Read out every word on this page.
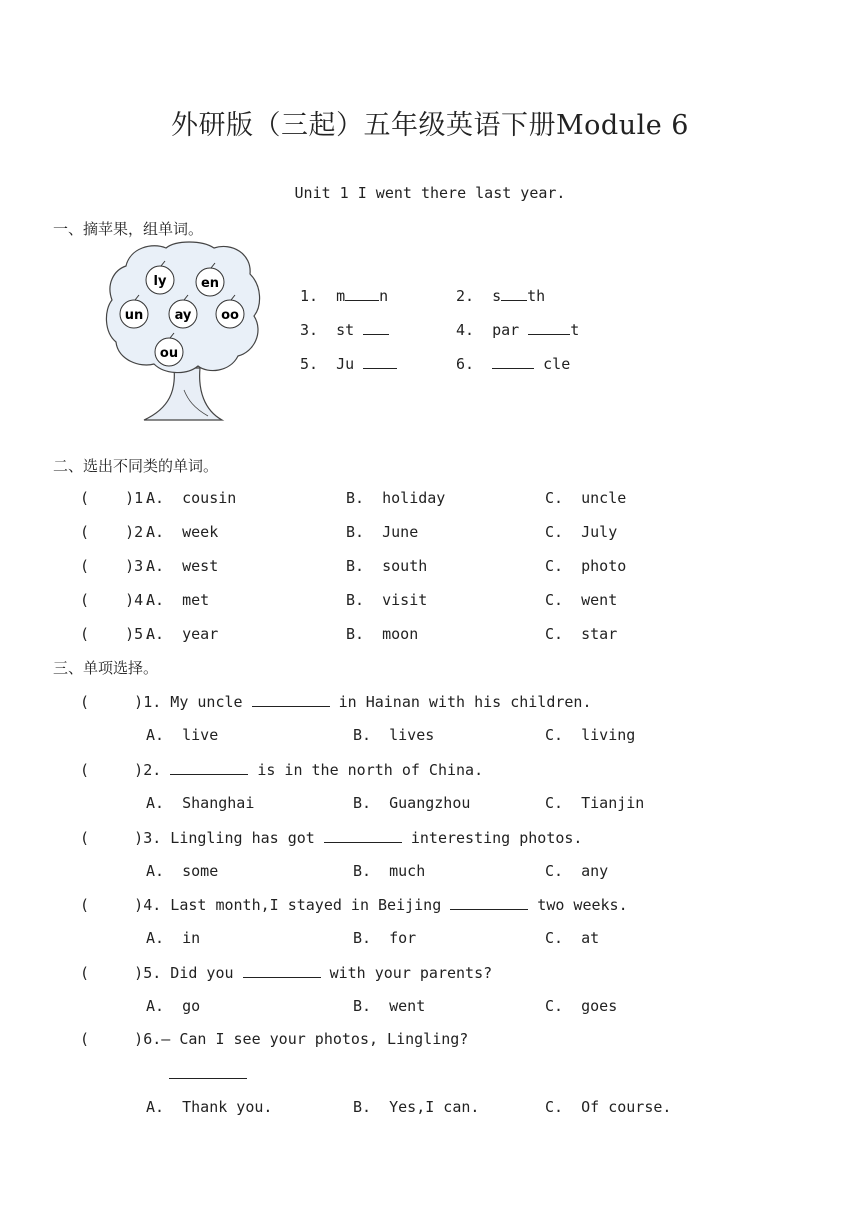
外研版（三起）五年级英语下册Module 6
Unit 1 I went there last year.
一、摘苹果，组单词。
ly	en
un ay oo
ou
1. m n	2. s th
3. st	4. par	t
5. Ju	6.	cle
二、选出不同类的单词。
(    )1.
A.  cousin	B.  holiday	C.  uncle
(    )2.
A.  week	B.  June	C.  July
(    )3.
A.  west	B.  south	C.  photo
(    )4.
A.  met	B.  visit	C.  went
(    )5.
A.  year	B.  moon	C.  star
三、单项选择。
(     )1. My uncle	in Hainan with his children.
A.  live	B.  lives	C.  living
(     )2.	is in the north of China.
A.  Shanghai	B.  Guangzhou	C.  Tianjin
(     )3. Lingling has got	interesting photos.
A.  some	B.  much	C.  any
(     )4. Last month,I stayed in Beijing	two weeks.
A.  in	B.  for	C.  at
(     )5. Did you	with your parents?
A.  go	B.  went	C.  goes
(     )6.— Can I see your photos, Lingling?
A.  Thank you.	B.  Yes,I can.	C.  Of course.
